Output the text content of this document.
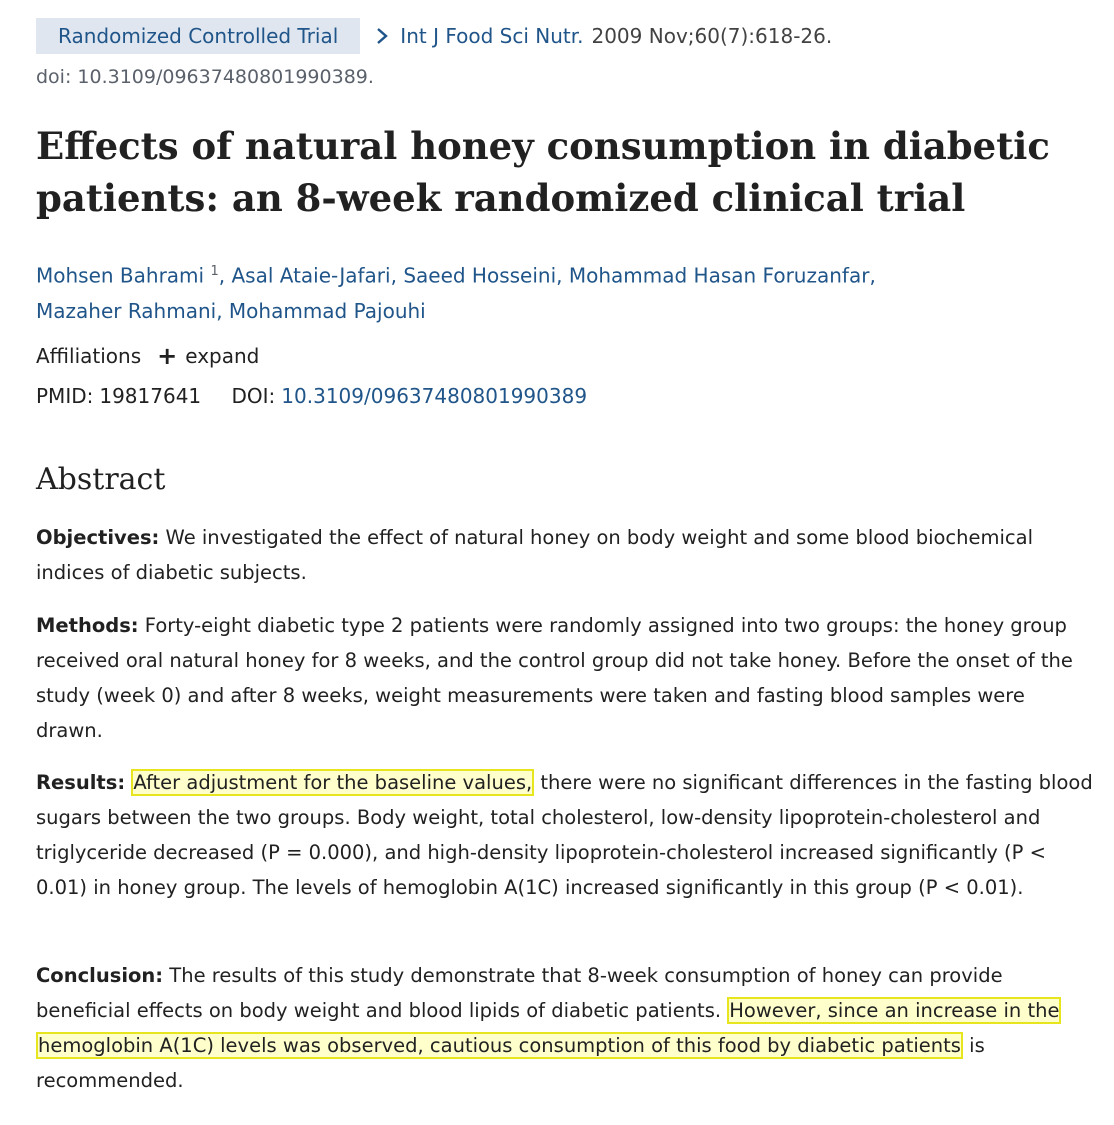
Randomized Controlled Trial	Int J Food Sci Nutr. 2009 Nov;60(7):618-26.
doi: 10.3109/09637480801990389.
Effects of natural honey consumption in diabetic patients: an 8-week randomized clinical trial
Mohsen Bahrami $^1$, Asal Ataie-Jafari, Saeed Hosseini, Mohammad Hasan Foruzanfar,
Mazaher Rahmani, Mohammad Pajouhi
Affiliations + expand
PMID: 19817641 DOI: 10.3109/09637480801990389
Abstract

Objectives: We investigated the effect of natural honey on body weight and some blood biochemical indices of diabetic subjects.

Methods: Forty-eight diabetic type 2 patients were randomly assigned into two groups: the honey group received oral natural honey for 8 weeks, and the control group did not take honey. Before the onset of the study (week 0) and after 8 weeks, weight measurements were taken and fasting blood samples were drawn.

Results: After adjustment for the baseline values, there were no significant differences in the fasting blood sugars between the two groups. Body weight, total cholesterol, low-density lipoprotein-cholesterol and triglyceride decreased (P = 0.000), and high-density lipoprotein-cholesterol increased significantly (P < 0.01) in honey group. The levels of hemoglobin A(1C) increased significantly in this group (P < 0.01).

Conclusion: The results of this study demonstrate that 8-week consumption of honey can provide beneficial effects on body weight and blood lipids of diabetic patients. However, since an increase in the hemoglobin A(1C) levels was observed, cautious consumption of this food by diabetic patients is recommended.
